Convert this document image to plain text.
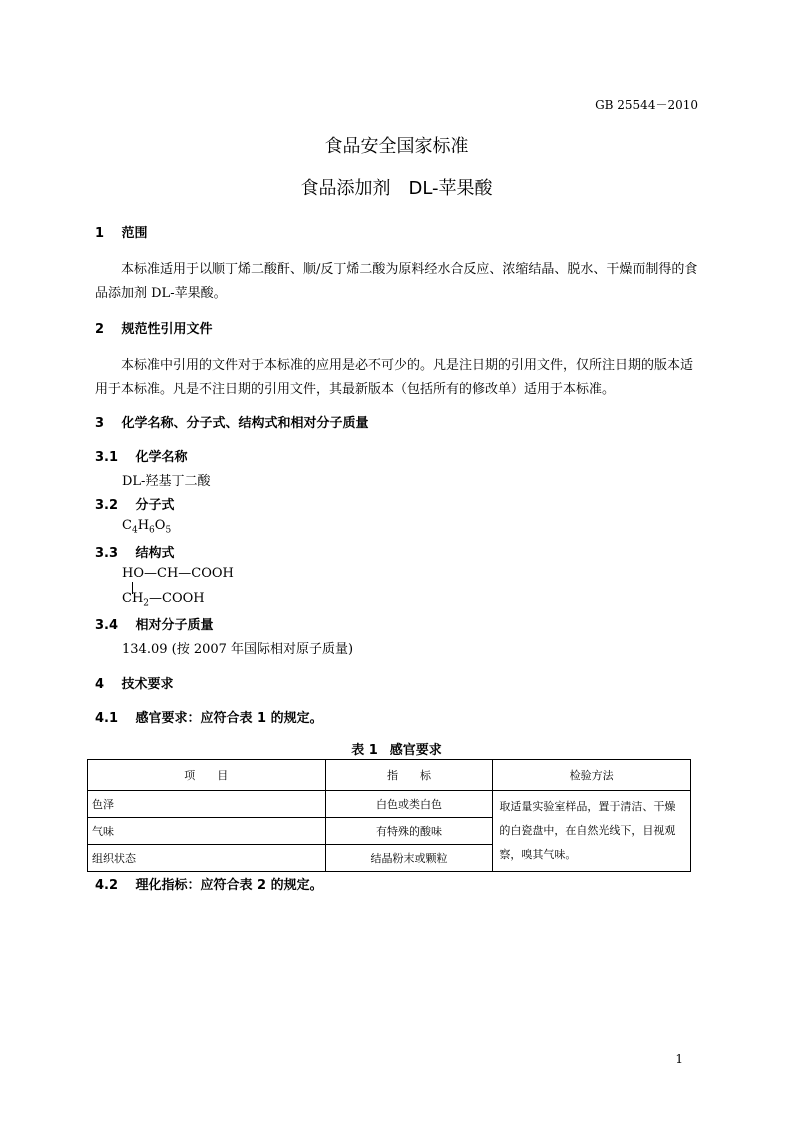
GB 25544－2010
食品安全国家标准
食品添加剂　DL-苹果酸
1 范围
本标准适用于以顺丁烯二酸酐、顺/反丁烯二酸为原料经水合反应、浓缩结晶、脱水、干燥而制得的食品添加剂 DL-苹果酸。
2 规范性引用文件
本标准中引用的文件对于本标准的应用是必不可少的。凡是注日期的引用文件，仅所注日期的版本适用于本标准。凡是不注日期的引用文件，其最新版本（包括所有的修改单）适用于本标准。
3 化学名称、分子式、结构式和相对分子质量
3.1 化学名称
DL-羟基丁二酸
3.2 分子式
$C_4H_6O_5$
3.3 结构式
HO—CH—COOH
$CH_2—COOH$
3.4 相对分子质量
134.09 (按 2007 年国际相对原子质量)
4 技术要求
4.1 感官要求：应符合表 1 的规定。
表 1 感官要求
项　　目	指　　标	检验方法
色泽	白色或类白色	取适量实验室样品，置于清洁、干燥的白瓷盘中，在自然光线下，目视观察，嗅其气味。
气味	有特殊的酸味	
组织状态	结晶粉末或颗粒	
4.2 理化指标：应符合表 2 的规定。
1
